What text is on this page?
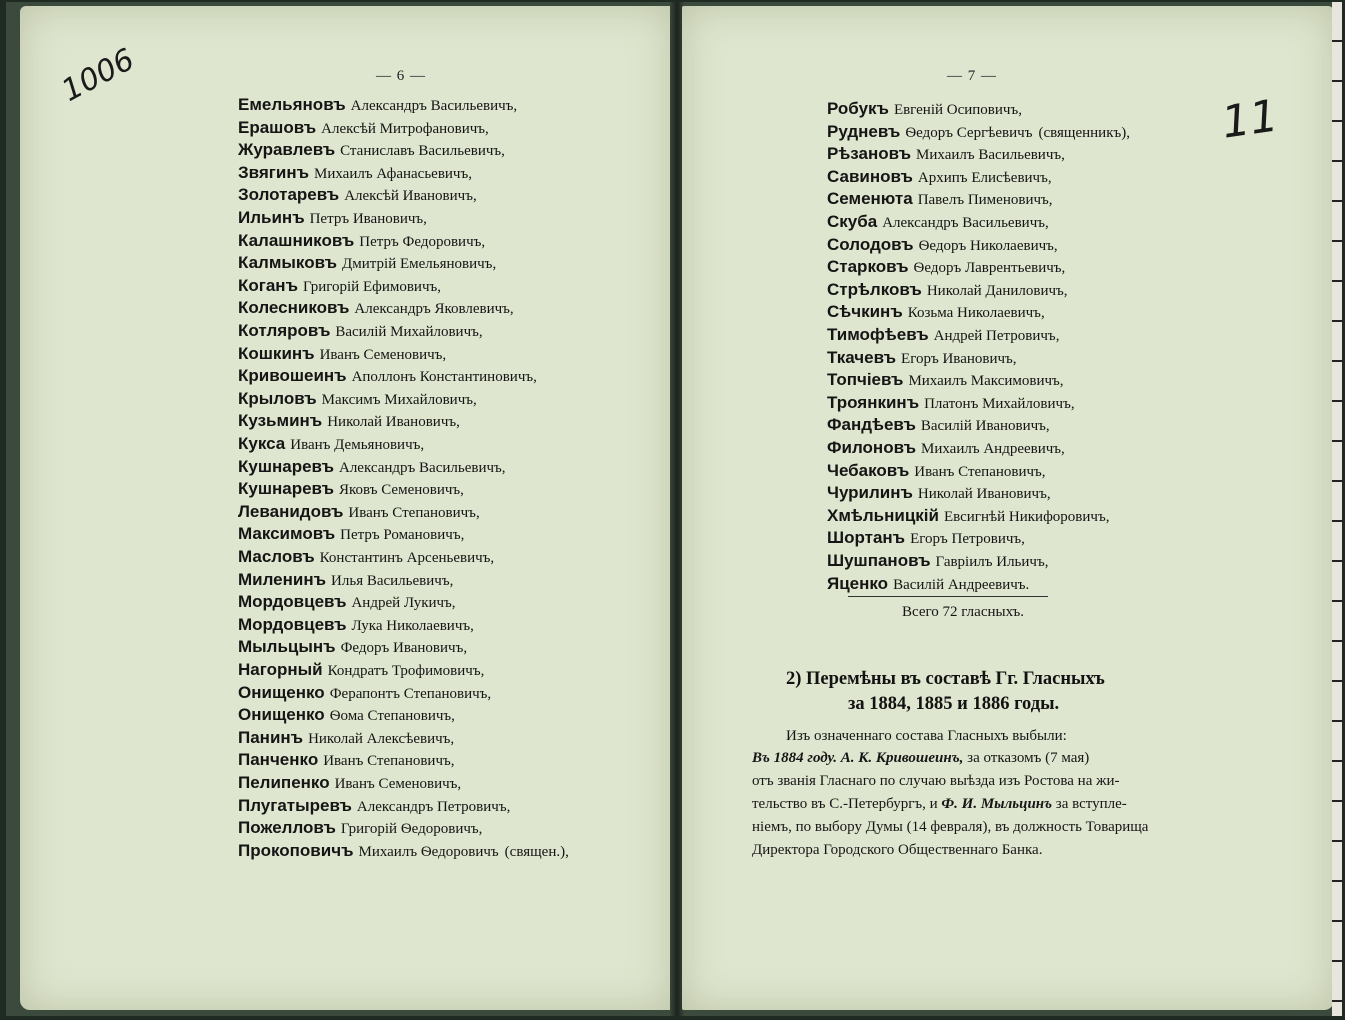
1006	— 6 —
Емельяновъ Александръ Васильевичъ,
Ерашовъ Алексѣй Митрофановичъ,
Журавлевъ Станиславъ Васильевичъ,
Звягинъ Михаилъ Афанасьевичъ,
Золотаревъ Алексѣй Ивановичъ,
Ильинъ Петръ Ивановичъ,
Калашниковъ Петръ Федоровичъ,
Калмыковъ Дмитрій Емельяновичъ,
Коганъ Григорій Ефимовичъ,
Колесниковъ Александръ Яковлевичъ,
Котляровъ Василій Михайловичъ,
Кошкинъ Иванъ Семеновичъ,
Кривошеинъ Аполлонъ Константиновичъ,
Крыловъ Максимъ Михайловичъ,
Кузьминъ Николай Ивановичъ,
Кукса Иванъ Демьяновичъ,
Кушнаревъ Александръ Васильевичъ,
Кушнаревъ Яковъ Семеновичъ,
Леванидовъ Иванъ Степановичъ,
Максимовъ Петръ Романовичъ,
Масловъ Константинъ Арсеньевичъ,
Миленинъ Илья Васильевичъ,
Мордовцевъ Андрей Лукичъ,
Мордовцевъ Лука Николаевичъ,
Мыльцынъ Федоръ Ивановичъ,
Нагорный Кондратъ Трофимовичъ,
Онищенко Ферапонтъ Степановичъ,
Онищенко Ѳома Степановичъ,
Панинъ Николай Алексѣевичъ,
Панченко Иванъ Степановичъ,
Пелипенко Иванъ Семеновичъ,
Плугатыревъ Александръ Петровичъ,
Пожелловъ Григорій Ѳедоровичъ,
Прокоповичъ Михаилъ Ѳедоровичъ (священ.),
— 7 —
11
Робукъ Евгеній Осиповичъ,
Рудневъ Ѳедоръ Сергѣевичъ (священникъ),
Рѣзановъ Михаилъ Васильевичъ,
Савиновъ Архипъ Елисѣевичъ,
Семенюта Павелъ Пименовичъ,
Скуба Александръ Васильевичъ,
Солодовъ Ѳедоръ Николаевичъ,
Старковъ Ѳедоръ Лаврентьевичъ,
Стрѣлковъ Николай Даниловичъ,
Сѣчкинъ Козьма Николаевичъ,
Тимофѣевъ Андрей Петровичъ,
Ткачевъ Егоръ Ивановичъ,
Топчіевъ Михаилъ Максимовичъ,
Троянкинъ Платонъ Михайловичъ,
Фандѣевъ Василій Ивановичъ,
Филоновъ Михаилъ Андреевичъ,
Чебаковъ Иванъ Степановичъ,
Чурилинъ Николай Ивановичъ,
Хмѣльницкій Евсигнѣй Никифоровичъ,
Шортанъ Егоръ Петровичъ,
Шушпановъ Гавріилъ Ильичъ,
Яценко Василій Андреевичъ.
Всего 72 гласныхъ.
2) Перемѣны въ составѣ Гг. Гласныхъ
за 1884, 1885 и 1886 годы.
Изъ означеннаго состава Гласныхъ выбыли:
Въ 1884 году. А. К. Кривошеинъ, за отказомъ (7 мая)
отъ званія Гласнаго по случаю выѣзда изъ Ростова на жи-
тельство въ С.-Петербургъ, и Ф. И. Мыльцинъ за вступле-
ніемъ, по выбору Думы (14 февраля), въ должность Товарища
Директора Городского Общественнаго Банка.
